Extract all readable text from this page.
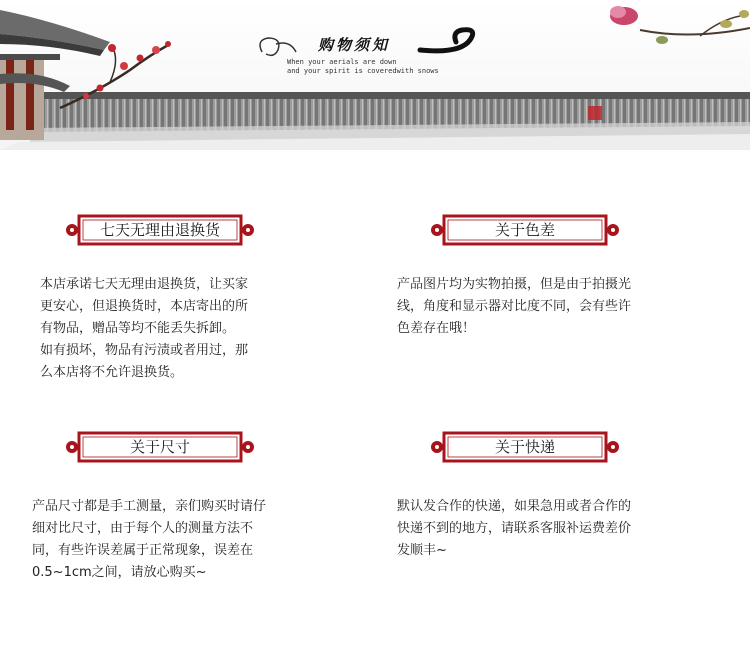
购物须知
When your aerials are down
and your spirit is coveredwith snows
七天无理由退换货
本店承诺七天无理由退换货，让买家
更安心，但退换货时，本店寄出的所
有物品，赠品等均不能丢失拆卸。
如有损坏，物品有污渍或者用过，那
么本店将不允许退换货。
关于色差
产品图片均为实物拍摄，但是由于拍摄光
线，角度和显示器对比度不同，会有些许
色差存在哦！
关于尺寸
产品尺寸都是手工测量，亲们购买时请仔
细对比尺寸，由于每个人的测量方法不
同，有些许误差属于正常现象，误差在
0.5~1cm之间，请放心购买~
关于快递
默认发合作的快递，如果急用或者合作的
快递不到的地方，请联系客服补运费差价
发顺丰~
